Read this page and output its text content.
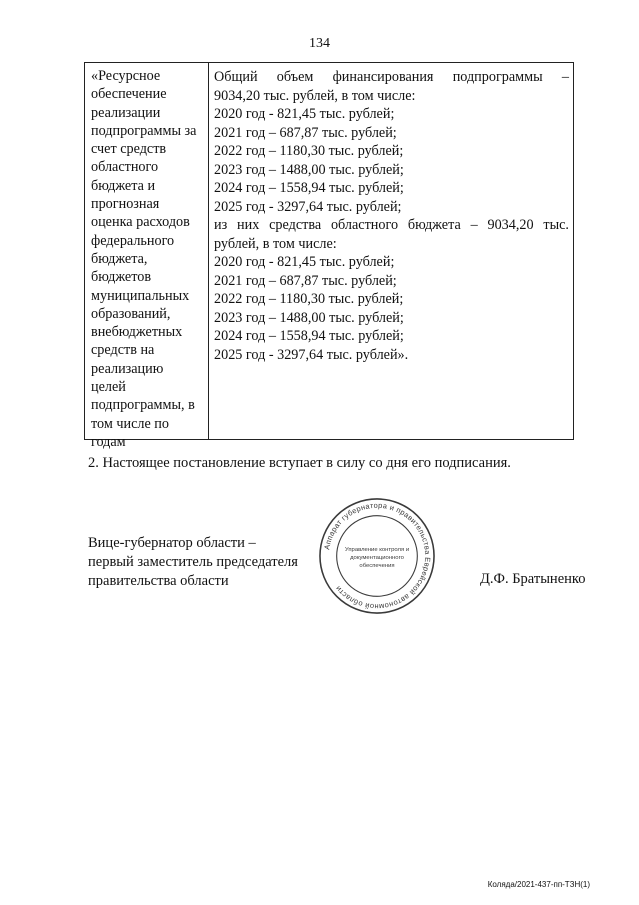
134
«Ресурсное
обеспечение
реализации
подпрограммы за
счет средств
областного
бюджета и
прогнозная
оценка расходов
федерального
бюджета,
бюджетов
муниципальных
образований,
внебюджетных
средств на
реализацию
целей
подпрограммы, в
том числе по
годам
Общий объем финансирования подпрограммы –
9034,20 тыс. рублей, в том числе:
2020 год - 821,45 тыс. рублей;
2021 год – 687,87 тыс. рублей;
2022 год – 1180,30 тыс. рублей;
2023 год – 1488,00 тыс. рублей;
2024 год – 1558,94 тыс. рублей;
2025 год - 3297,64 тыс. рублей;
из них средства областного бюджета – 9034,20 тыс.
рублей, в том числе:
2020 год - 821,45 тыс. рублей;
2021 год – 687,87 тыс. рублей;
2022 год – 1180,30 тыс. рублей;
2023 год – 1488,00 тыс. рублей;
2024 год – 1558,94 тыс. рублей;
2025 год - 3297,64 тыс. рублей».
2. Настоящее постановление вступает в силу со дня его подписания.
Вице-губернатор области –
первый заместитель председателя
правительства области
Аппарат губернатора и правительства Еврейской автономной области
Управление контроля и
документационного
обеспечения
Д.Ф. Братыненко
Коляда/2021-437-пп-ТЗН(1)
